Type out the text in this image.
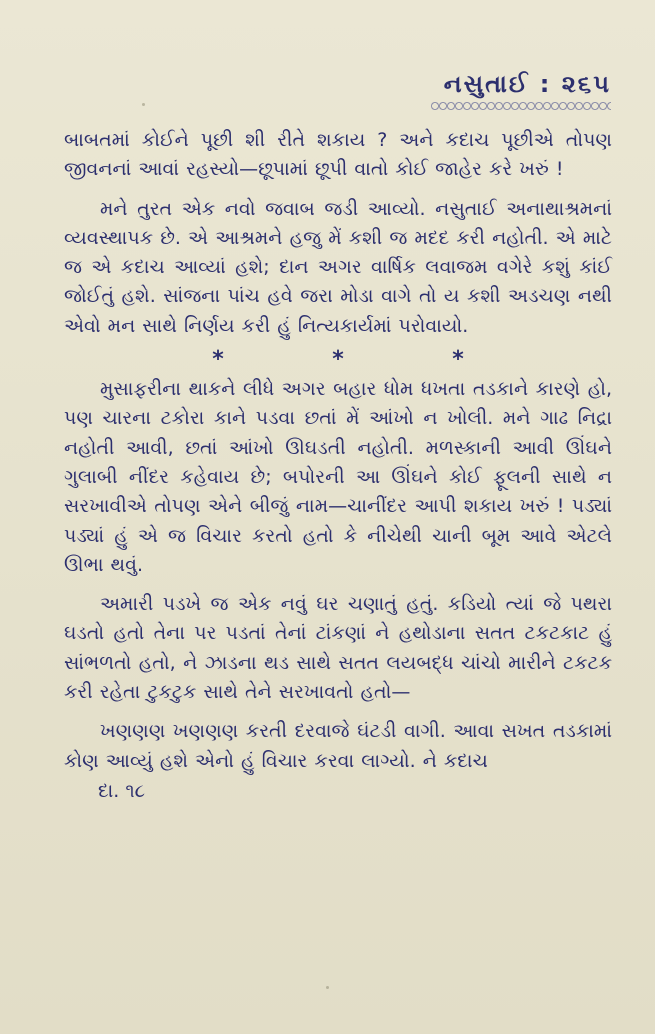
નસુતાઈ : ૨૬૫

બાબતમાં કોઈને પૂછી શી રીતે શકાય ? અને કદાચ પૂછીએ તોપણ જીવનનાં આવાં રહસ્યો—છૂપામાં છૂપી વાતો કોઈ જાહેર કરે ખરું !

મને તુરત એક નવો જવાબ જડી આવ્યો. નસુતાઈ અનાથાશ્રમનાં વ્યવસ્થાપક છે. એ આશ્રમને હજુ મેં કશી જ મદદ કરી નહોતી. એ માટે જ એ કદાચ આવ્યાં હશે; દાન અગર વાર્ષિક લવાજમ વગેરે કશું કાંઈ જોઈતું હશે. સાંજના પાંચ હવે જરા મોડા વાગે તો ય કશી અડચણ નથી એવો મન સાથે નિર્ણય કરી હું નિત્યકાર્યમાં પરોવાયો.

*	*	*

મુસાફરીના થાકને લીધે અગર બહાર ધોમ ધખતા તડકાને કારણે હો, પણ ચારના ટકોરા કાને પડવા છતાં મેં આંખો ન ખોલી. મને ગાઢ નિદ્રા નહોતી આવી, છતાં આંખો ઊઘડતી નહોતી. મળસ્કાની આવી ઊંઘને ગુલાબી નીંદર કહેવાય છે; બપોરની આ ઊંઘને કોઈ ફૂલની સાથે ન સરખાવીએ તોપણ એને બીજું નામ—ચાનીંદર આપી શકાય ખરું ! પડ્યાં પડ્યાં હું એ જ વિચાર કરતો હતો કે નીચેથી ચાની બૂમ આવે એટલે ઊભા થવું.

અમારી પડખે જ એક નવું ઘર ચણાતું હતું. કડિયો ત્યાં જે પથરા ઘડતો હતો તેના પર પડતાં તેનાં ટાંકણાં ને હથોડાના સતત ટકટકાટ હું સાંભળતો હતો, ને ઝાડના થડ સાથે સતત લયબદ્ધ ચાંચો મારીને ટકટક કરી રહેતા ટુકટુક સાથે તેને સરખાવતો હતો—

ખણણણ ખણણણ કરતી દરવાજે ઘંટડી વાગી. આવા સખત તડકામાં કોણ આવ્યું હશે એનો હું વિચાર કરવા લાગ્યો. ને કદાચ

દા. ૧૮
